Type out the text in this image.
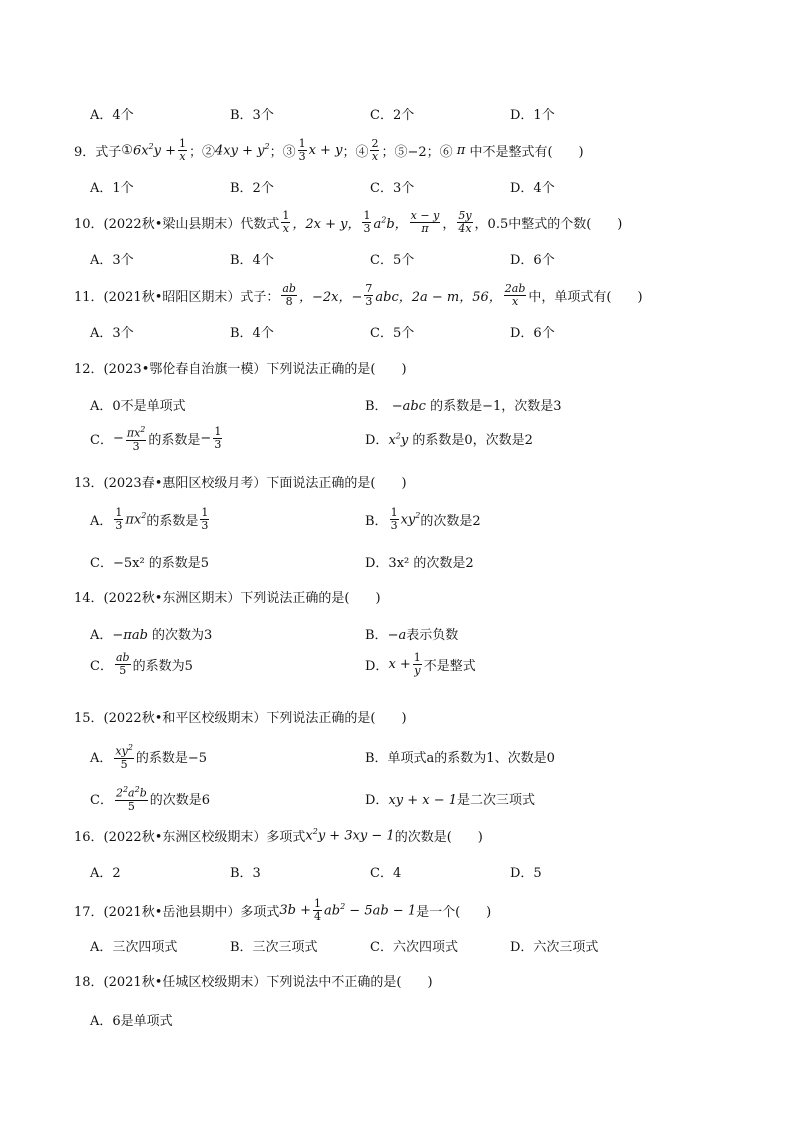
A．4个	B．3个	C．2个	D．1个
9．式子 ① $6x^2y + \frac{1}{x}$ ；② $4xy + y^2$ ；③ $\frac{1}{3}$ x + y ；④ $\frac{2}{x}$ ；⑤−2；⑥ π 中不是整式有(　　)
A．1个	B．2个	C．3个	D．4个
10．(2022秋•梁山县期末）代数式 $\frac{1}{x}$ ，2x + y， $\frac{1}{3} a^2b$， $\frac{x - y}{\pi}$ ， $\frac{5y}{4x}$ ，0.5中整式的个数(　　)
A．3个	B．4个	C．5个	D．6个
11．(2021秋•昭阳区期末）式子： $\frac{ab}{8}$ ，−2x，− $\frac{7}{3}$ abc，2a − m，56， $\frac{2ab}{x}$ 中，单项式有(　　)
A．3个	B．4个	C．5个	D．6个
12．(2023•鄂伦春自治旗一模）下列说法正确的是(　　)
A．0不是单项式	B． −abc 的系数是−1，次数是3
C． − $\frac{\pi x^2}{3}$ 的系数是 − $\frac{1}{3}$	D．$x^2y$ 的系数是0，次数是2
13．(2023春•惠阳区校级月考）下面说法正确的是(　　)
A． $\frac{1}{3} \pi x^2$ 的系数是 $\frac{1}{3}$	B． $\frac{1}{3} xy^2$ 的次数是2
C．−5x² 的系数是5	D．3x² 的次数是2
14．(2022秋•东洲区期末）下列说法正确的是(　　)
A．−πab 的次数为3	B．−a表示负数
C． $\frac{ab}{5}$ 的系数为5	D． $x + \frac{1}{y}$ 不是整式
15．(2022秋•和平区校级期末）下列说法正确的是(　　)
A． $\frac{xy^2}{5}$ 的系数是−5	B．单项式a的系数为1、次数是0
C． $\frac{2^2a^2b}{5}$ 的次数是6	D．xy + x − 1是二次三项式
16．(2022秋•东洲区校级期末）多项式 $x^2y + 3xy - 1$ 的次数是(　　)
A．2	B．3	C．4	D．5
17．(2021秋•岳池县期中）多项式 $3b + \frac{1}{4} ab^2 - 5ab - 1$ 是一个(　　)
A．三次四项式	B．三次三项式	C．六次四项式	D．六次三项式
18．(2021秋•任城区校级期末）下列说法中不正确的是(　　)
A．6是单项式
